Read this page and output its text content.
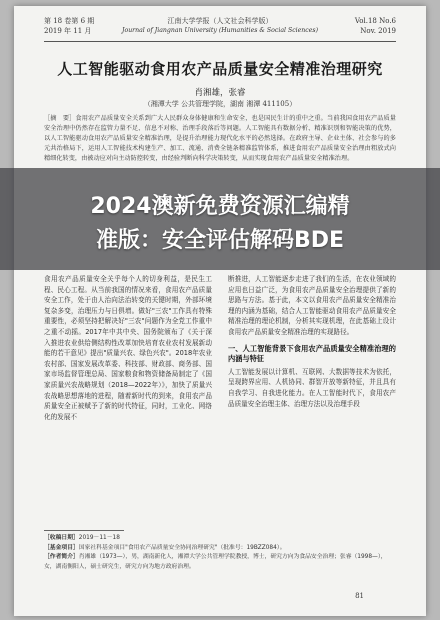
第 18 卷第 6 期
2019 年 11 月
江南大学学报（人文社会科学版）
Journal of Jiangnan University (Humanities & Social Sciences)
Vol.18 No.6
Nov. 2019
人工智能驱动食用农产品质量安全精准治理研究
肖湘雄，张睿
（湘潭大学 公共管理学院，湖南 湘潭 411105）
［摘　要］食用农产品质量安全关系到广大人民群众身体健康和生命安全，也是国民生计的重中之重。当前我国食用农产品质量安全治理中仍然存在监管力量不足、信息不对称、治理手段落后等问题。人工智能具有数据分析、精准识别和智能决策的优势，以人工智能驱动食用农产品质量安全精准治理，是提升治理能力现代化水平的必然选择。在政府主导、企业主体、社会参与的多元共治格局下，运用人工智能技术构建生产、加工、流通、消费全链条精准监管体系，推进食用农产品质量安全治理由粗放式向精细化转变，由被动应对向主动防控转变，由经验判断向科学决策转变，从而实现食用农产品质量安全精准治理。
食用农产品质量安全关乎每个人的切身利益，是民生工程、民心工程。从当前我国的情况来看，食用农产品质量安全工作，处于由人治向法治转变的关键时期，外部环境复杂多变，治理压力与日俱增。做好"三农"工作具有特殊重要性，必须坚持把解决好"三农"问题作为全党工作重中之重不动摇。2017年中共中央、国务院颁布了《关于深入推进农业供给侧结构性改革加快培育农业农村发展新动能的若干意见》提出"质量兴农、绿色兴农"。2018年农业农村部、国家发展改革委、科技部、财政部、商务部、国家市场监督管理总局、国家粮食和物资储备局制定了《国家质量兴农战略规划（2018—2022年）》，加快了质量兴农战略思想落地的进程，随着新时代的到来，食用农产品质量安全正被赋予了新的时代特征，同时，工业化、网络化的发展不
断推进，人工智能逐步走进了我们的生活，在农业领域的应用也日益广泛，为食用农产品质量安全治理提供了新的思路与方法。基于此，本文以食用农产品质量安全精准治理的内涵为基础，结合人工智能驱动食用农产品质量安全精准治理的理论机制，分析其实现机理，在此基础上设计食用农产品质量安全精准治理的实现路径。
一、人工智能背景下食用农产品质量安全精准治理的内涵与特征
人工智能发展以计算机、互联网、大数据等技术为依托，呈现跨界应用、人机协同、群智开放等新特征，并且具有自我学习、自我进化能力。在人工智能时代下，食用农产品质量安全治理主体、治理方法以及治理手段
［收稿日期］2019－11－18
［基金项目］国家社科基金项目"食用农产品质量安全协同治理研究"（批准号：19BZZ084）。
［作者简介］肖湘雄（1973—），男，湖南新化人，湘潭大学公共管理学院教授，博士，研究方向为食品安全治理；张睿（1998—），女，湖南衡阳人，硕士研究生，研究方向为地方政府治理。
81
2024澳新免费资源汇编精
准版：安全评估解码BDE
